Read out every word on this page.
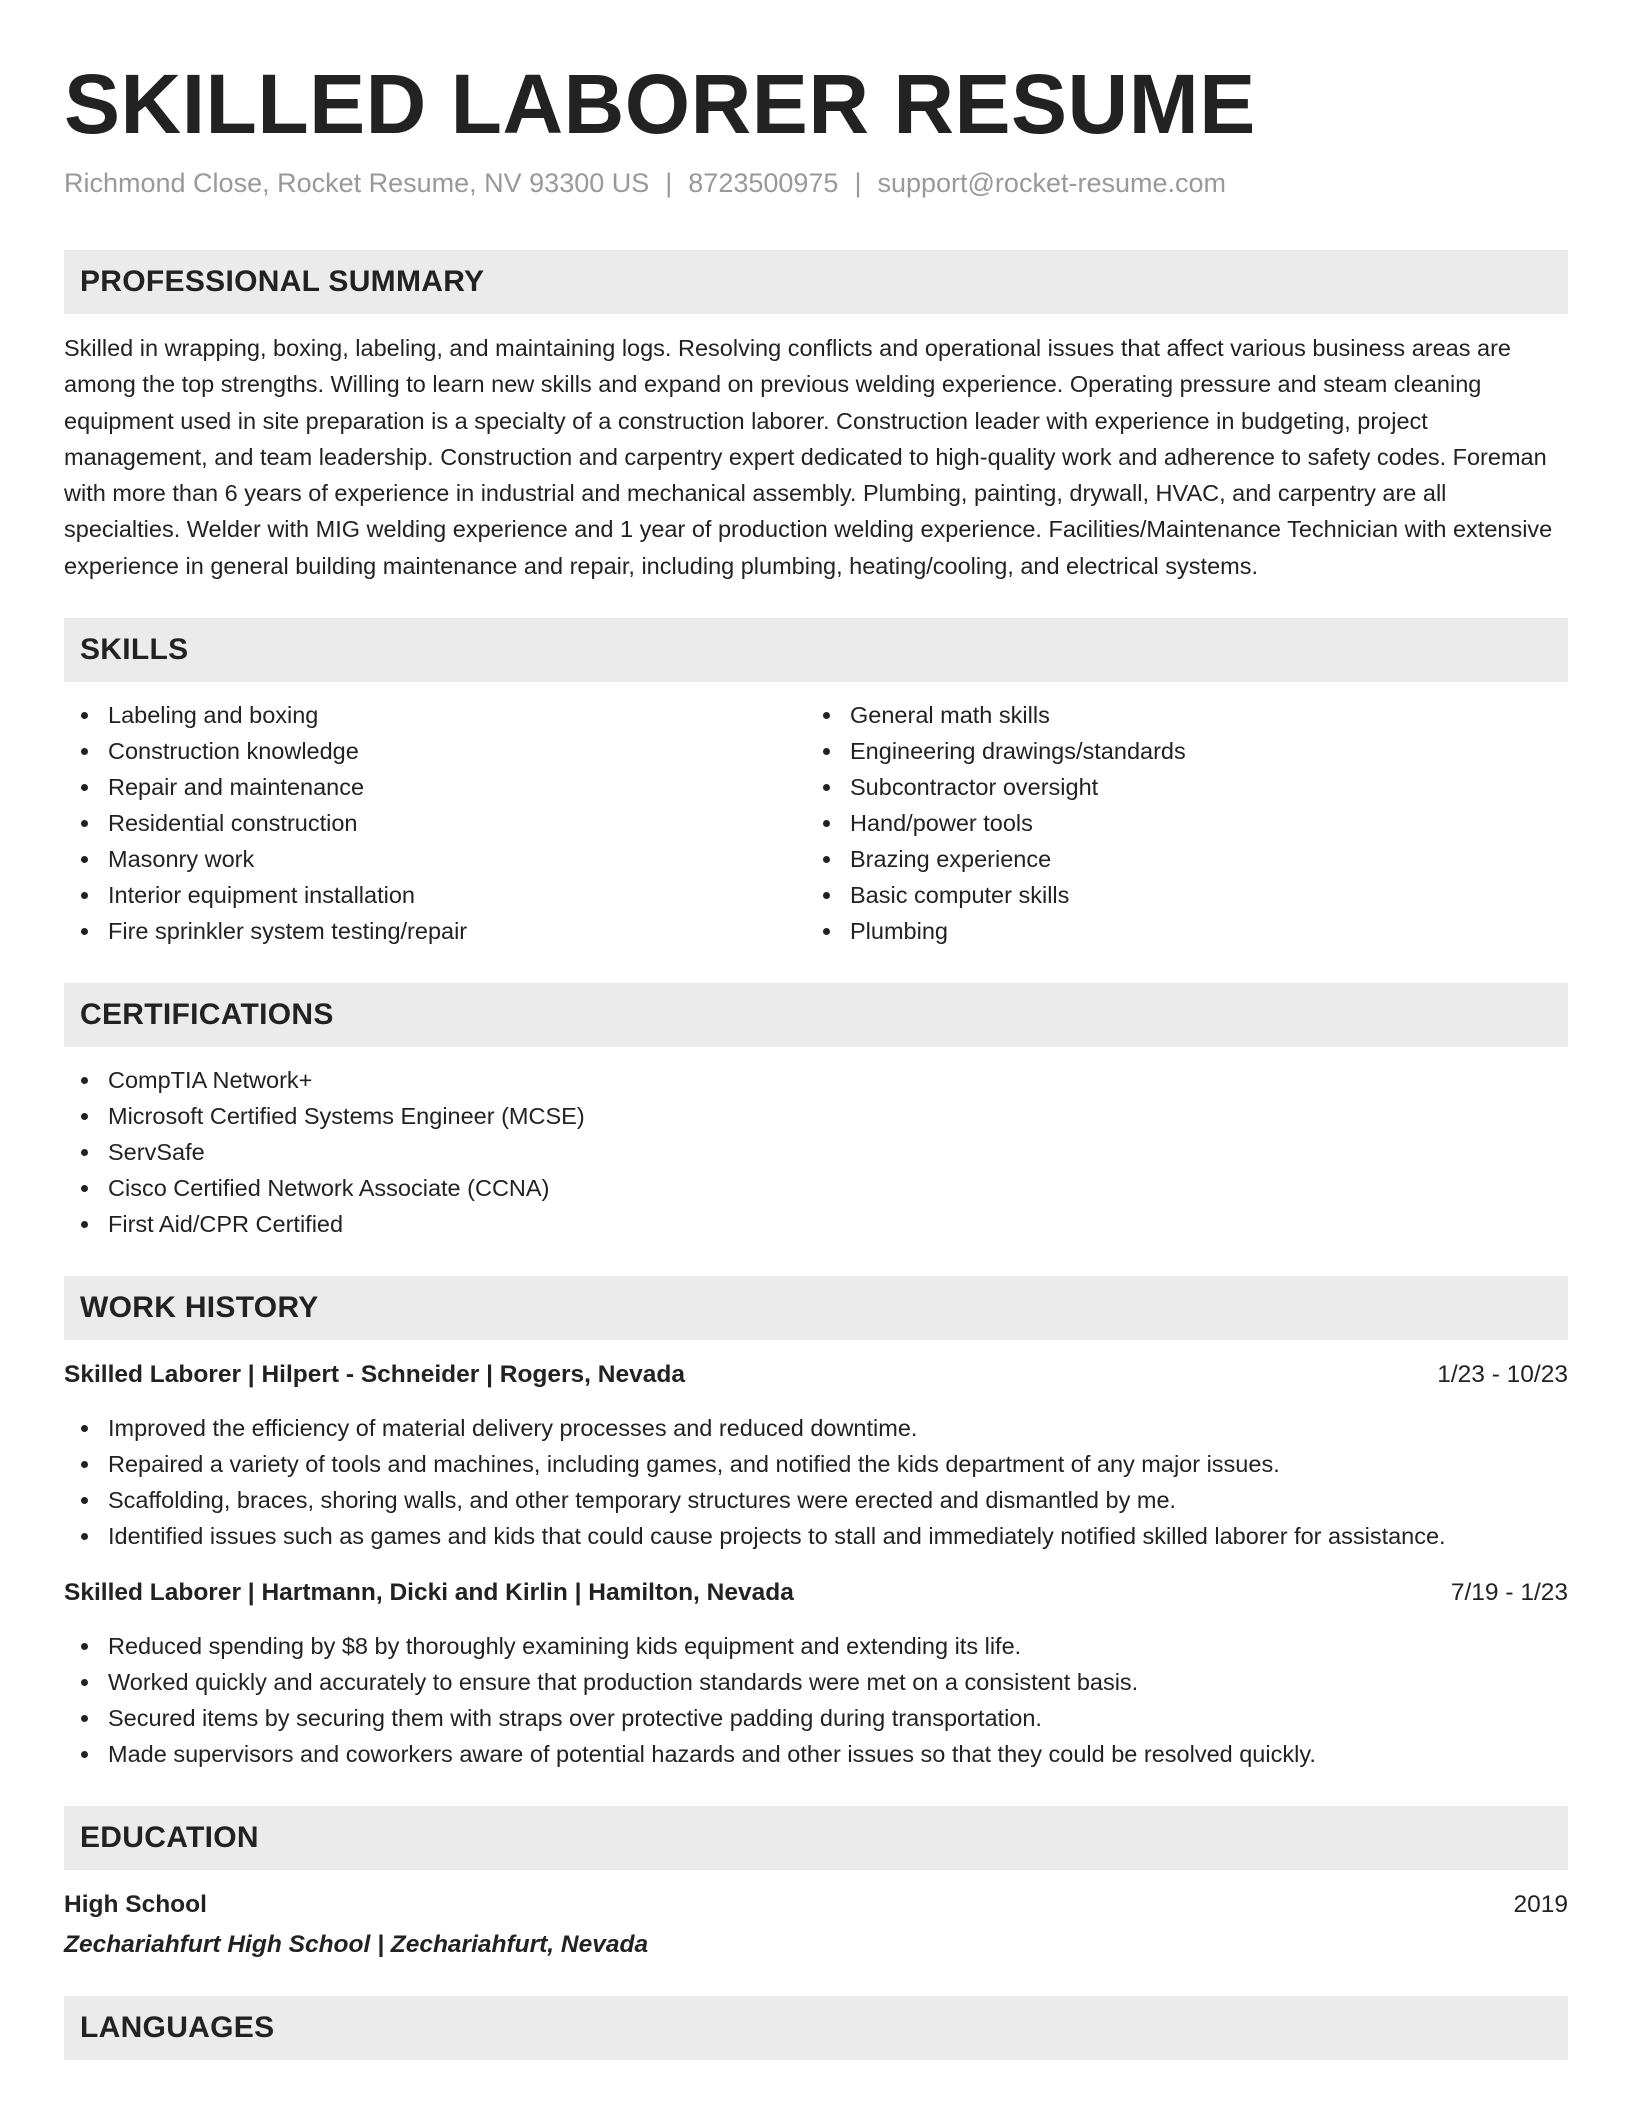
SKILLED LABORER RESUME
Richmond Close, Rocket Resume, NV 93300 US | 8723500975 | support@rocket-resume.com
PROFESSIONAL SUMMARY

Skilled in wrapping, boxing, labeling, and maintaining logs. Resolving conflicts and operational issues that affect various business areas are among the top strengths. Willing to learn new skills and expand on previous welding experience. Operating pressure and steam cleaning equipment used in site preparation is a specialty of a construction laborer. Construction leader with experience in budgeting, project management, and team leadership. Construction and carpentry expert dedicated to high-quality work and adherence to safety codes. Foreman with more than 6 years of experience in industrial and mechanical assembly. Plumbing, painting, drywall, HVAC, and carpentry are all specialties. Welder with MIG welding experience and 1 year of production welding experience. Facilities/Maintenance Technician with extensive experience in general building maintenance and repair, including plumbing, heating/cooling, and electrical systems.

SKILLS
Labeling and boxing
Construction knowledge
Repair and maintenance
Residential construction
Masonry work
Interior equipment installation
Fire sprinkler system testing/repair
General math skills
Engineering drawings/standards
Subcontractor oversight
Hand/power tools
Brazing experience
Basic computer skills
Plumbing
CERTIFICATIONS
CompTIA Network+
Microsoft Certified Systems Engineer (MCSE)
ServSafe
Cisco Certified Network Associate (CCNA)
First Aid/CPR Certified
WORK HISTORY
Skilled Laborer | Hilpert - Schneider | Rogers, Nevada	1/23 - 10/23
Improved the efficiency of material delivery processes and reduced downtime.
Repaired a variety of tools and machines, including games, and notified the kids department of any major issues.
Scaffolding, braces, shoring walls, and other temporary structures were erected and dismantled by me.
Identified issues such as games and kids that could cause projects to stall and immediately notified skilled laborer for assistance.
Skilled Laborer | Hartmann, Dicki and Kirlin | Hamilton, Nevada	7/19 - 1/23
Reduced spending by $8 by thoroughly examining kids equipment and extending its life.
Worked quickly and accurately to ensure that production standards were met on a consistent basis.
Secured items by securing them with straps over protective padding during transportation.
Made supervisors and coworkers aware of potential hazards and other issues so that they could be resolved quickly.
EDUCATION
High School	2019
Zechariahfurt High School | Zechariahfurt, Nevada
LANGUAGES
